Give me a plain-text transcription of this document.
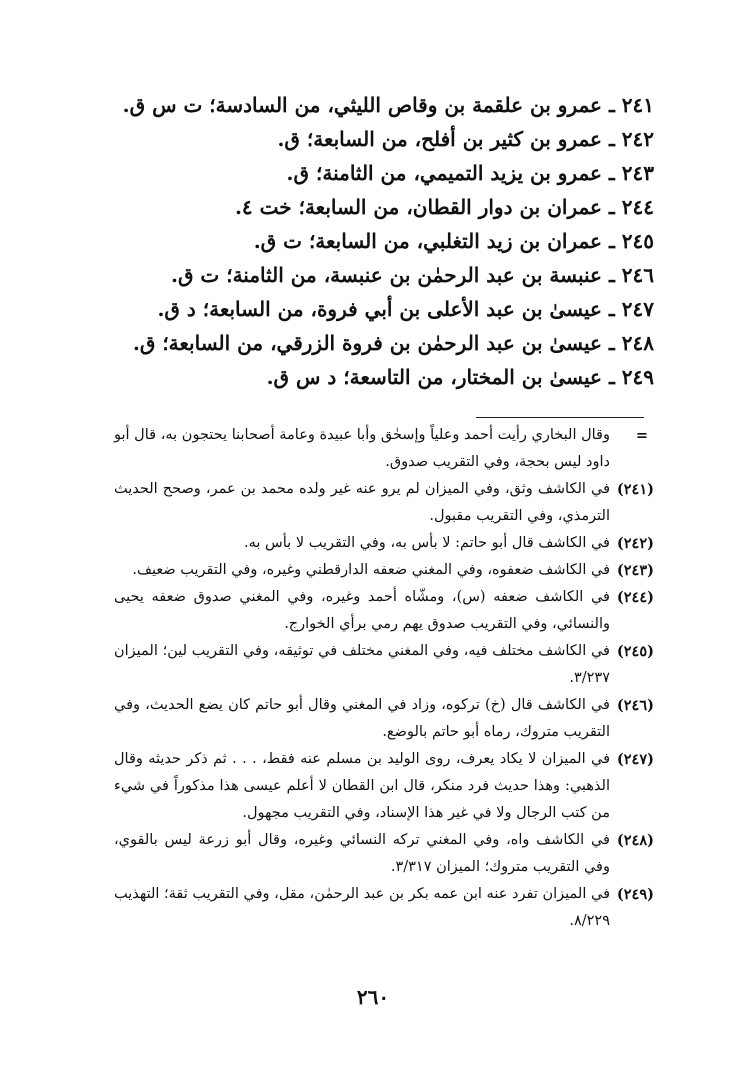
٢٤١ ـ عمرو بن علقمة بن وقاص الليثي، من السادسة؛ ت س ق.
٢٤٢ ـ عمرو بن كثير بن أفلح، من السابعة؛ ق.
٢٤٣ ـ عمرو بن يزيد التميمي، من الثامنة؛ ق.
٢٤٤ ـ عمران بن دوار القطان، من السابعة؛ خت ٤.
٢٤٥ ـ عمران بن زيد التغلبي، من السابعة؛ ت ق.
٢٤٦ ـ عنبسة بن عبد الرحمٰن بن عنبسة، من الثامنة؛ ت ق.
٢٤٧ ـ عيسىٰ بن عبد الأعلى بن أبي فروة، من السابعة؛ د ق.
٢٤٨ ـ عيسىٰ بن عبد الرحمٰن بن فروة الزرقي، من السابعة؛ ق.
٢٤٩ ـ عيسىٰ بن المختار، من التاسعة؛ د س ق.
=
وقال البخاري رأيت أحمد وعلياً وإسحٰق وأبا عبيدة وعامة أصحابنا يحتجون به، قال أبو داود ليس بحجة، وفي التقريب صدوق.
(٢٤١)
في الكاشف وثق، وفي الميزان لم يرو عنه غير ولده محمد بن عمر، وصحح الحديث الترمذي، وفي التقريب مقبول.
(٢٤٢)
في الكاشف قال أبو حاتم: لا بأس به، وفي التقريب لا بأس به.
(٢٤٣)
في الكاشف ضعفوه، وفي المغني ضعفه الدارقطني وغيره، وفي التقريب ضعيف.
(٢٤٤)
في الكاشف ضعفه (س)، ومشّاه أحمد وغيره، وفي المغني صدوق ضعفه يحيى والنسائي، وفي التقريب صدوق يهم رمي برأي الخوارج.
(٢٤٥)
في الكاشف مختلف فيه، وفي المغني مختلف في توثيقه، وفي التقريب لين؛ الميزان ٣/٢٣٧.
(٢٤٦)
في الكاشف قال (خ) تركوه، وزاد في المغني وقال أبو حاتم كان يضع الحديث، وفي التقريب متروك، رماه أبو حاتم بالوضع.
(٢٤٧)
في الميزان لا يكاد يعرف، روى الوليد بن مسلم عنه فقط، . . . ثم ذكر حديثه وقال الذهبي: وهذا حديث فرد منكر، قال ابن القطان لا أعلم عيسى هذا مذكوراً في شيء من كتب الرجال ولا في غير هذا الإسناد، وفي التقريب مجهول.
(٢٤٨)
في الكاشف واه، وفي المغني تركه النسائي وغيره، وقال أبو زرعة ليس بالقوي، وفي التقريب متروك؛ الميزان ٣/٣١٧.
(٢٤٩)
في الميزان تفرد عنه ابن عمه بكر بن عبد الرحمٰن، مقل، وفي التقريب ثقة؛ التهذيب ٨/٢٢٩.
٢٦٠
